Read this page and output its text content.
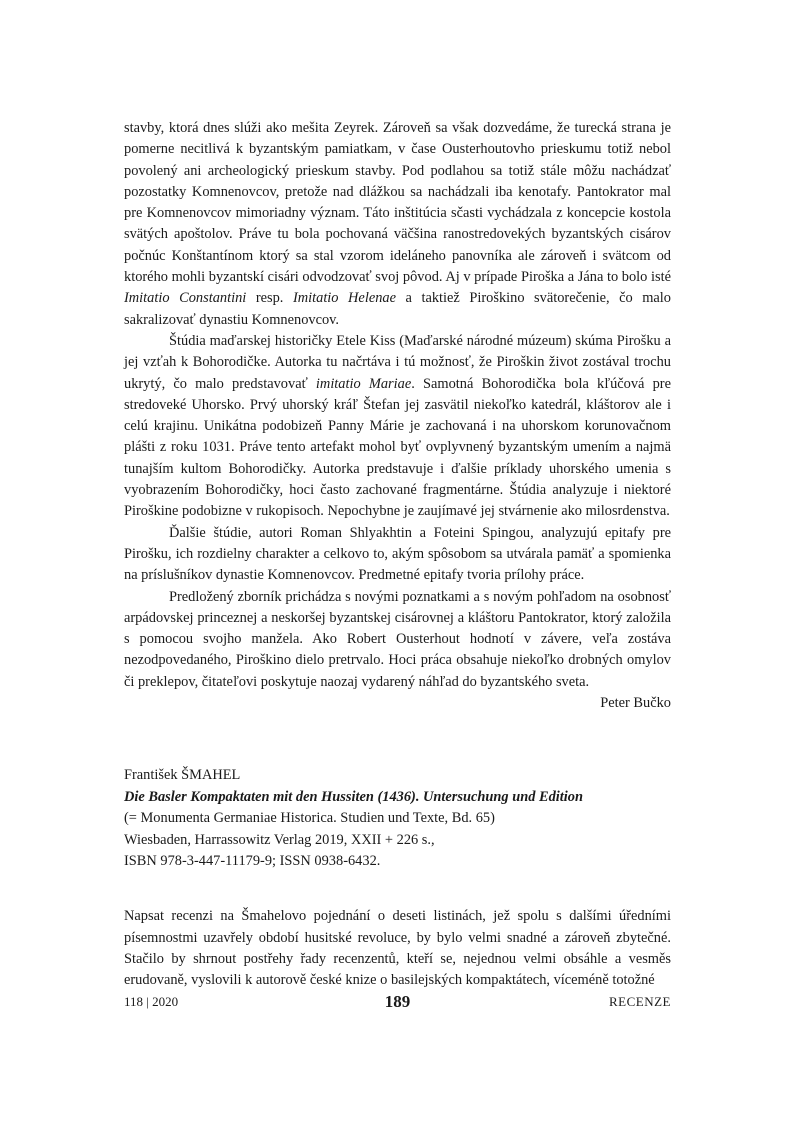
stavby, ktorá dnes slúži ako mešita Zeyrek. Zároveň sa však dozvedáme, že turecká strana je pomerne necitlivá k byzantským pamiatkam, v čase Ousterhoutovho prieskumu totiž nebol povolený ani archeologický prieskum stavby. Pod podlahou sa totiž stále môžu nachádzať pozostatky Komnenovcov, pretože nad dlážkou sa nachádzali iba kenotafy. Pantokrator mal pre Komnenovcov mimoriadny význam. Táto inštitúcia sčasti vychádzala z koncepcie kostola svätých apoštolov. Práve tu bola pochovaná väčšina ranostredovekých byzantských cisárov počnúc Konštantínom ktorý sa stal vzorom ideláneho panovníka ale zároveň i svätcom od ktorého mohli byzantskí cisári odvodzovať svoj pôvod. Aj v prípade Piroška a Jána to bolo isté Imitatio Constantini resp. Imitatio Helenae a taktiež Piroškino svätorečenie, čo malo sakralizovať dynastiu Komnenovcov.

Štúdia maďarskej historičky Etele Kiss (Maďarské národné múzeum) skúma Pirošku a jej vzťah k Bohorodičke. Autorka tu načrtáva i tú možnosť, že Piroškin život zostával trochu ukrytý, čo malo predstavovať imitatio Mariae. Samotná Bohorodička bola kľúčová pre stredoveké Uhorsko. Prvý uhorský kráľ Štefan jej zasvätil niekoľko katedrál, kláštorov ale i celú krajinu. Unikátna podobizeň Panny Márie je zachovaná i na uhorskom korunovačnom plášti z roku 1031. Práve tento artefakt mohol byť ovplyvnený byzantským umením a najmä tunajším kultom Bohorodičky. Autorka predstavuje i ďalšie príklady uhorského umenia s vyobrazením Bohorodičky, hoci často zachované fragmentárne. Štúdia analyzuje i niektoré Piroškine podobizne v rukopisoch. Nepochybne je zaujímavé jej stvárnenie ako milosrdenstva.

Ďalšie štúdie, autori Roman Shlyakhtin a Foteini Spingou, analyzujú epitafy pre Pirošku, ich rozdielny charakter a celkovo to, akým spôsobom sa utvárala pamäť a spomienka na príslušníkov dynastie Komnenovcov. Predmetné epitafy tvoria prílohy práce.

Predložený zborník prichádza s novými poznatkami a s novým pohľadom na osobnosť arpádovskej princeznej a neskoršej byzantskej cisárovnej a kláštoru Pantokrator, ktorý založila s pomocou svojho manžela. Ako Robert Ousterhout hodnotí v závere, veľa zostáva nezodpovedaného, Piroškino dielo pretrvalo. Hoci práca obsahuje niekoľko drobných omylov či preklepov, čitateľovi poskytuje naozaj vydarený náhľad do byzantského sveta.

Peter Bučko

František ŠMAHEL
Die Basler Kompaktaten mit den Hussiten (1436). Untersuchung und Edition
(= Monumenta Germaniae Historica. Studien und Texte, Bd. 65)
Wiesbaden, Harrassowitz Verlag 2019, XXII + 226 s.,
ISBN 978-3-447-11179-9; ISSN 0938-6432.

Napsat recenzi na Šmahelovo pojednání o deseti listinách, jež spolu s dalšími úředními písemnostmi uzavřely období husitské revoluce, by bylo velmi snadné a zároveň zbytečné. Stačilo by shrnout postřehy řady recenzentů, kteří se, nejednou velmi obsáhle a vesměs erudovaně, vyslovili k autorově české knize o basilejských kompaktátech, víceméně totožné

118 | 2020	189	RECENZE
